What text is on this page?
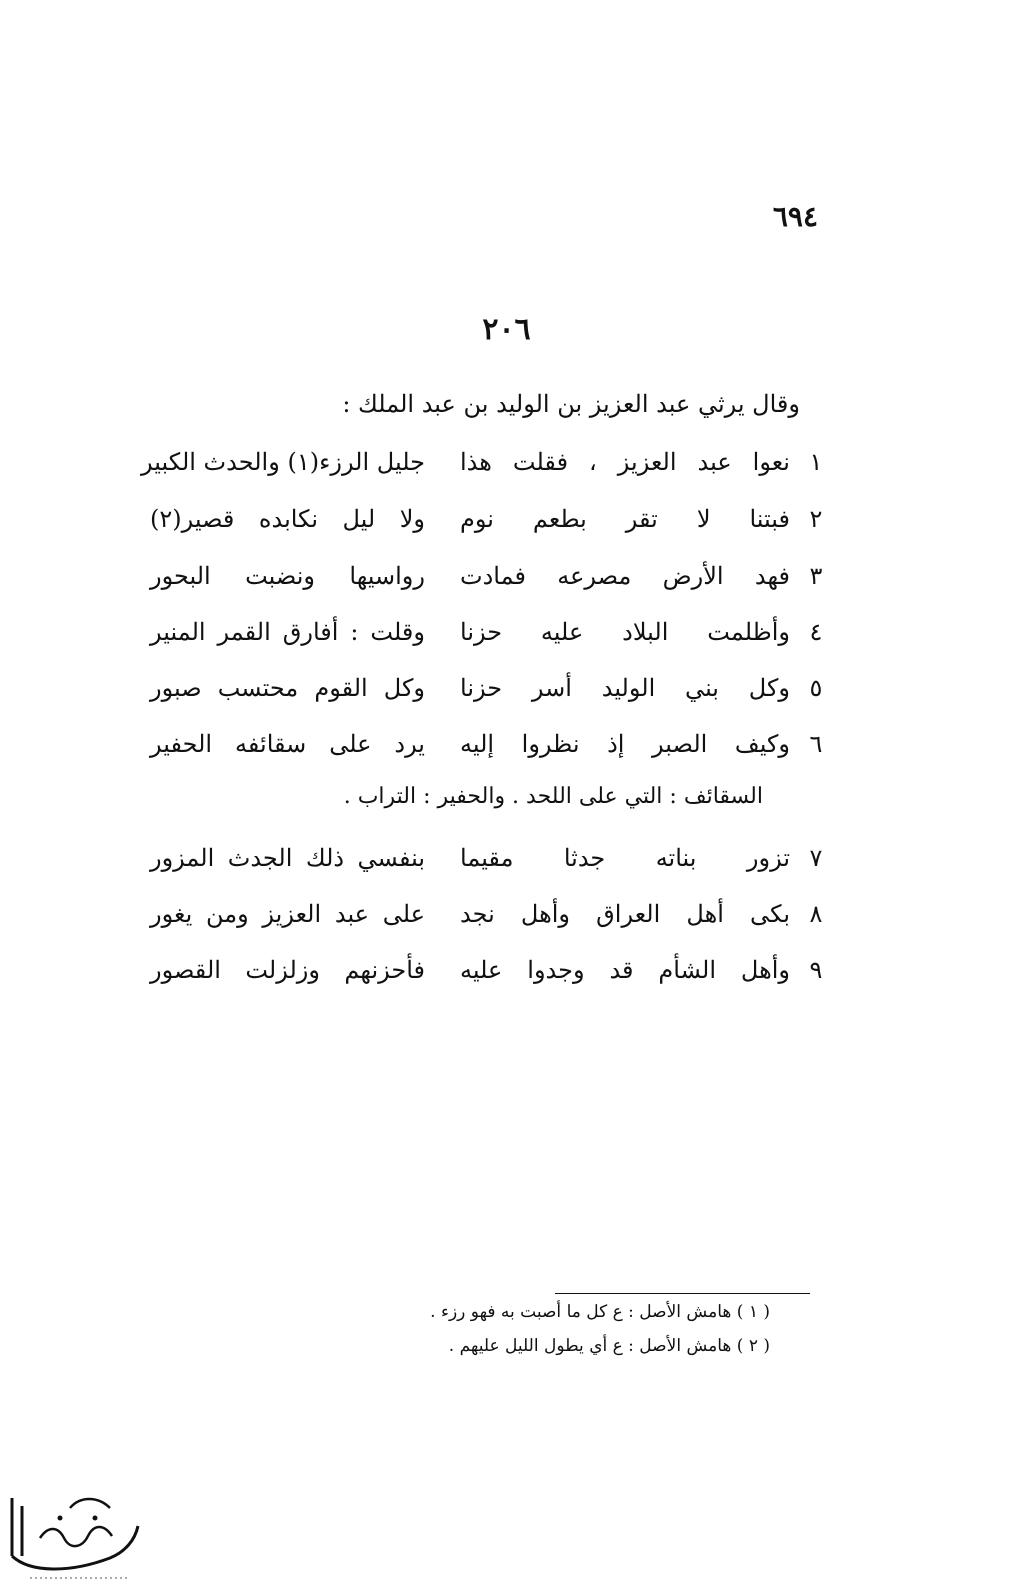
٦٩٤
٢٠٦
وقال يرثي عبد العزيز بن الوليد بن عبد الملك :
١
نعوا عبد العزيز ، فقلت هذا
جليل الرزء(١) والحدث الكبير
٢
فبتنا لا تقر بطعم نوم
ولا ليل نكابده قصير(٢)
٣
فهد الأرض مصرعه فمادت
رواسيها ونضبت البحور
٤
وأظلمت البلاد عليه حزنا
وقلت : أفارق القمر المنير
٥
وكل بني الوليد أسر حزنا
وكل القوم محتسب صبور
٦
وكيف الصبر إذ نظروا إليه
يرد على سقائفه الحفير
السقائف : التي على اللحد . والحفير : التراب .
٧
تزور بناته جدثا مقيما
بنفسي ذلك الجدث المزور
٨
بكى أهل العراق وأهل نجد
على عبد العزيز ومن يغور
٩
وأهل الشأم قد وجدوا عليه
فأحزنهم وزلزلت القصور
( ١ ) هامش الأصل : ع كل ما أصبت به فهو رزء .
( ٢ ) هامش الأصل : ع أي يطول الليل عليهم .
